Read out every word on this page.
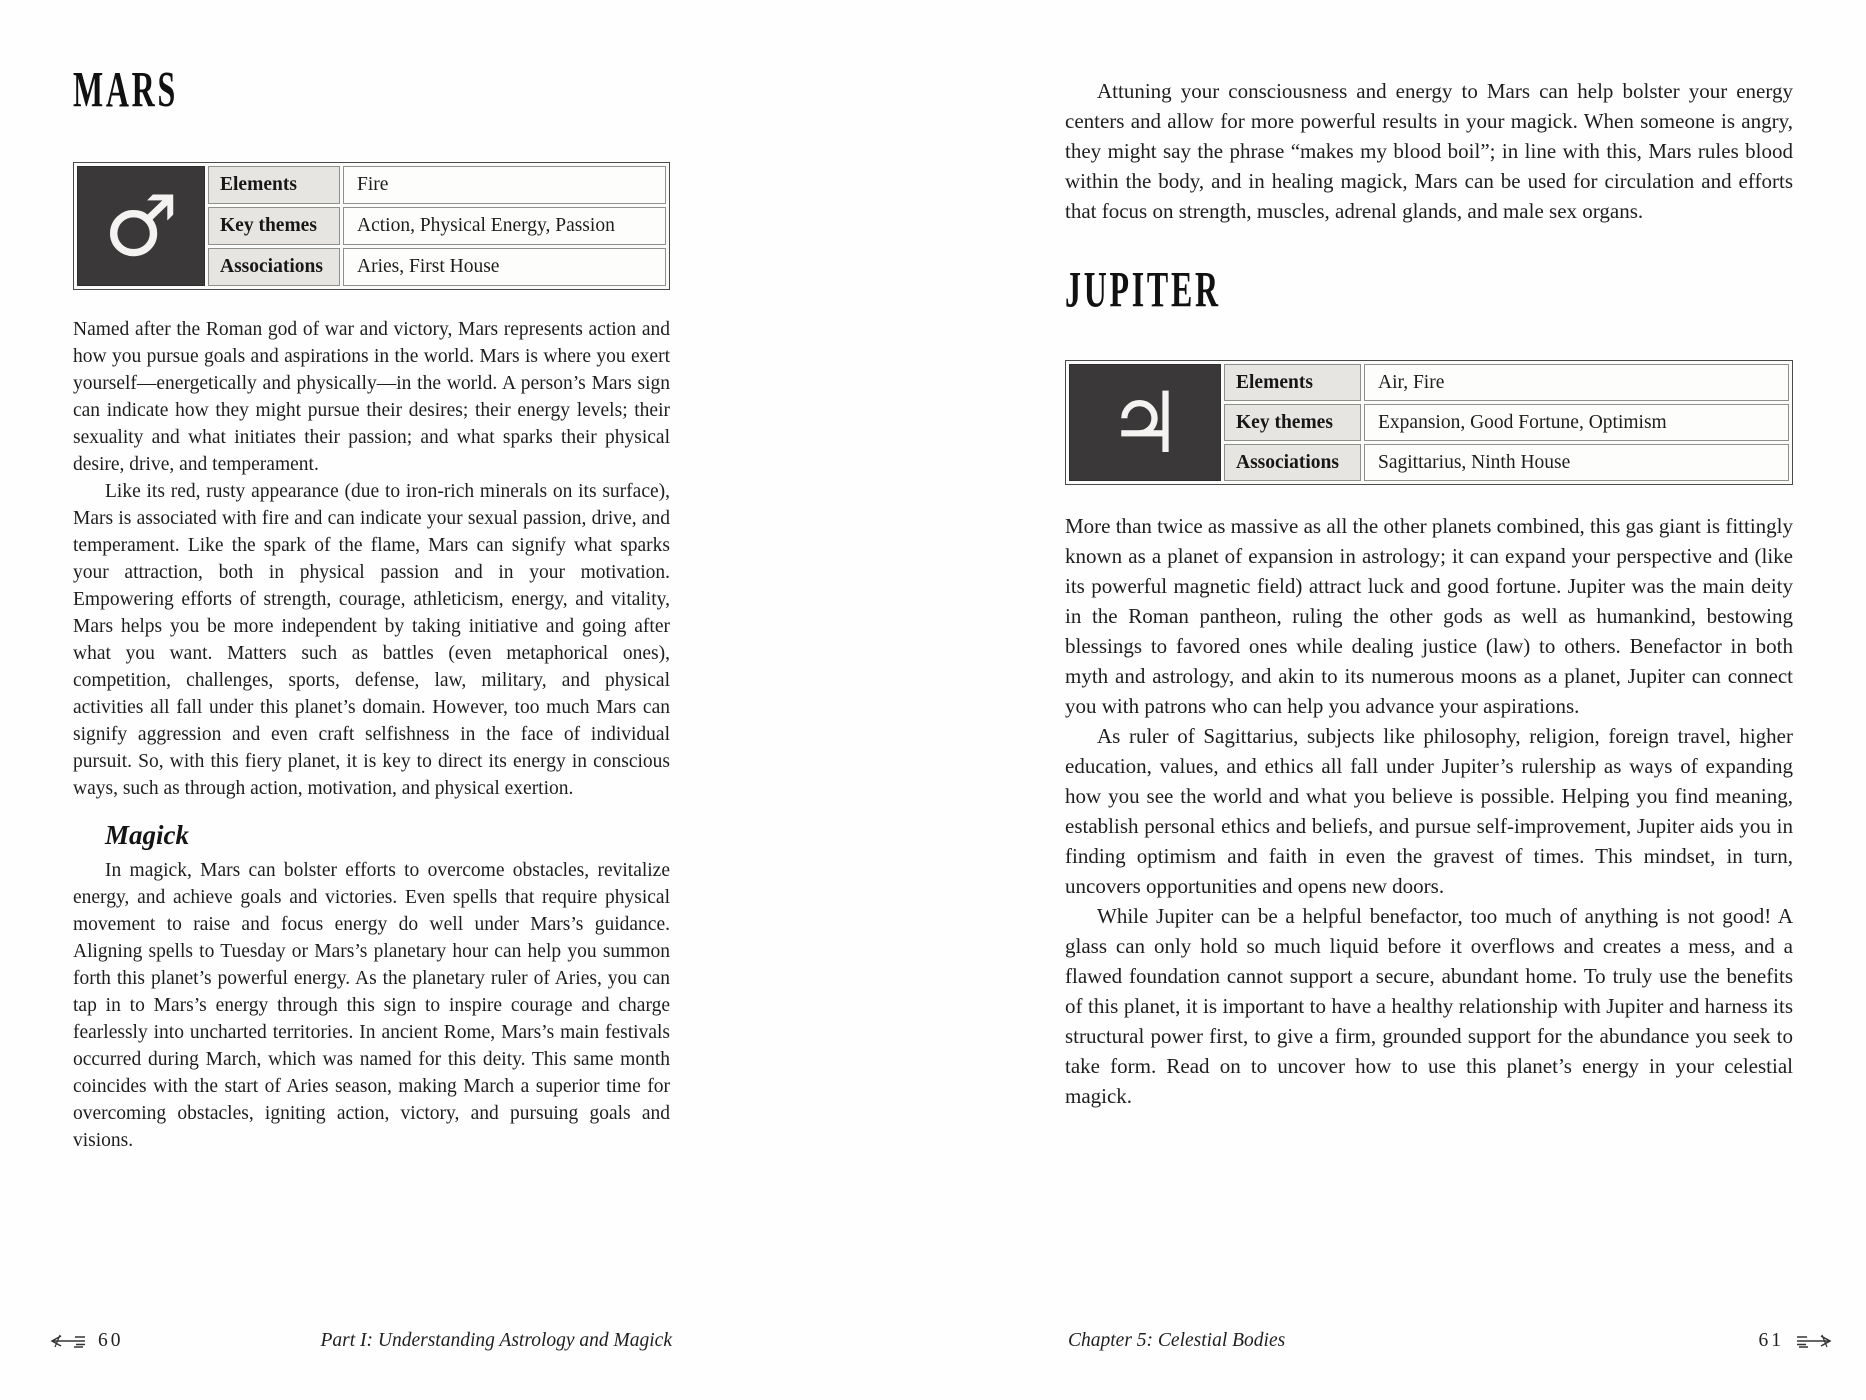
MARS
♂	Elements	Fire
Key themes	Action, Physical Energy, Passion
Associations	Aries, First House

Named after the Roman god of war and victory, Mars represents action and how you pursue goals and aspirations in the world. Mars is where you exert yourself—energetically and physically—in the world. A person’s Mars sign can indicate how they might pursue their desires; their energy levels; their sexuality and what initiates their passion; and what sparks their physical desire, drive, and temperament.

Like its red, rusty appearance (due to iron-rich minerals on its surface), Mars is associated with fire and can indicate your sexual passion, drive, and temperament. Like the spark of the flame, Mars can signify what sparks your attraction, both in physical passion and in your motivation. Empowering efforts of strength, courage, athleticism, energy, and vitality, Mars helps you be more independent by taking initiative and going after what you want. Matters such as battles (even metaphorical ones), competition, challenges, sports, defense, law, military, and physical activities all fall under this planet’s domain. However, too much Mars can signify aggression and even craft selfishness in the face of individual pursuit. So, with this fiery planet, it is key to direct its energy in conscious ways, such as through action, motivation, and physical exertion.

Magick

In magick, Mars can bolster efforts to overcome obstacles, revitalize energy, and achieve goals and victories. Even spells that require physical movement to raise and focus energy do well under Mars’s guidance. Aligning spells to Tuesday or Mars’s planetary hour can help you summon forth this planet’s powerful energy. As the planetary ruler of Aries, you can tap in to Mars’s energy through this sign to inspire courage and charge fearlessly into uncharted territories. In ancient Rome, Mars’s main festivals occurred during March, which was named for this deity. This same month coincides with the start of Aries season, making March a superior time for overcoming obstacles, igniting action, victory, and pursuing goals and visions.

Attuning your consciousness and energy to Mars can help bolster your energy centers and allow for more powerful results in your magick. When someone is angry, they might say the phrase “makes my blood boil”; in line with this, Mars rules blood within the body, and in healing magick, Mars can be used for circulation and efforts that focus on strength, muscles, adrenal glands, and male sex organs.

JUPITER
♃	Elements	Air, Fire
Key themes	Expansion, Good Fortune, Optimism
Associations	Sagittarius, Ninth House

More than twice as massive as all the other planets combined, this gas giant is fittingly known as a planet of expansion in astrology; it can expand your perspective and (like its powerful magnetic field) attract luck and good fortune. Jupiter was the main deity in the Roman pantheon, ruling the other gods as well as humankind, bestowing blessings to favored ones while dealing justice (law) to others. Benefactor in both myth and astrology, and akin to its numerous moons as a planet, Jupiter can connect you with patrons who can help you advance your aspirations.

As ruler of Sagittarius, subjects like philosophy, religion, foreign travel, higher education, values, and ethics all fall under Jupiter’s rulership as ways of expanding how you see the world and what you believe is possible. Helping you find meaning, establish personal ethics and beliefs, and pursue self-improvement, Jupiter aids you in finding optimism and faith in even the gravest of times. This mindset, in turn, uncovers opportunities and opens new doors.

While Jupiter can be a helpful benefactor, too much of anything is not good! A glass can only hold so much liquid before it overflows and creates a mess, and a flawed foundation cannot support a secure, abundant home. To truly use the benefits of this planet, it is important to have a healthy relationship with Jupiter and harness its structural power first, to give a firm, grounded support for the abundance you seek to take form. Read on to uncover how to use this planet’s energy in your celestial magick.

60	Part I: Understanding Astrology and Magick	Chapter 5: Celestial Bodies	61
